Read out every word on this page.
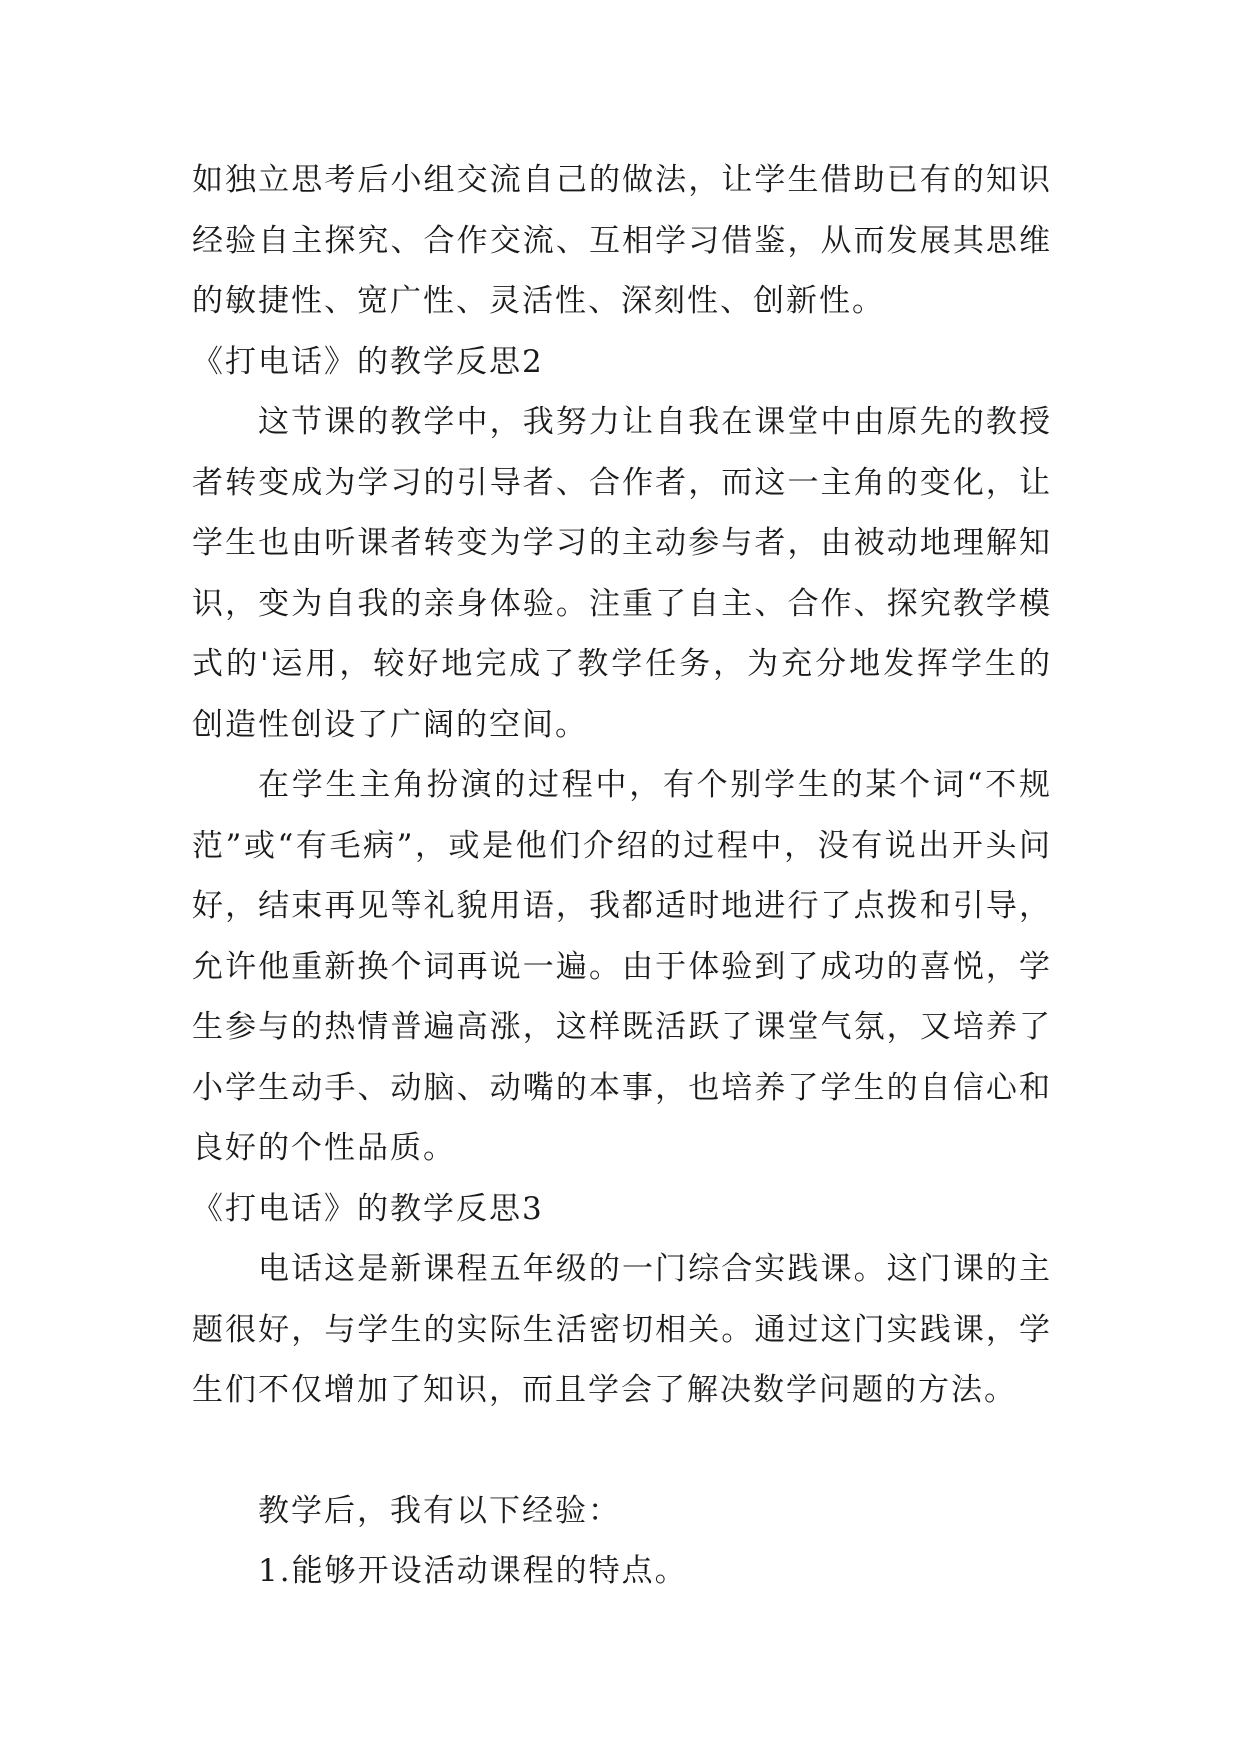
如独立思考后小组交流自己的做法，让学生借助已有的知识经验自主探究、合作交流、互相学习借鉴，从而发展其思维的敏捷性、宽广性、灵活性、深刻性、创新性。

《打电话》的教学反思2

这节课的教学中，我努力让自我在课堂中由原先的教授者转变成为学习的引导者、合作者，而这一主角的变化，让学生也由听课者转变为学习的主动参与者，由被动地理解知识，变为自我的亲身体验。注重了自主、合作、探究教学模式的'运用，较好地完成了教学任务，为充分地发挥学生的创造性创设了广阔的空间。

在学生主角扮演的过程中，有个别学生的某个词“不规范”或“有毛病”，或是他们介绍的过程中，没有说出开头问好，结束再见等礼貌用语，我都适时地进行了点拨和引导，允许他重新换个词再说一遍。由于体验到了成功的喜悦，学生参与的热情普遍高涨，这样既活跃了课堂气氛，又培养了小学生动手、动脑、动嘴的本事，也培养了学生的自信心和良好的个性品质。

《打电话》的教学反思3

电话这是新课程五年级的一门综合实践课。这门课的主题很好，与学生的实际生活密切相关。通过这门实践课，学生们不仅增加了知识，而且学会了解决数学问题的方法。

教学后，我有以下经验：

1.能够开设活动课程的特点。
